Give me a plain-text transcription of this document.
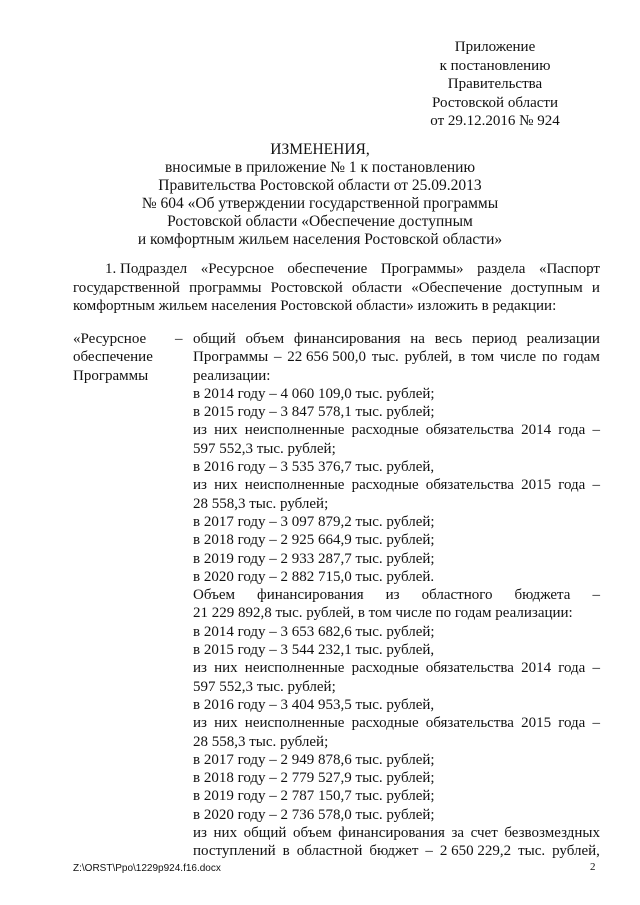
Приложение
к постановлению
Правительства
Ростовской области
от 29.12.2016 № 924
ИЗМЕНЕНИЯ,
вносимые в приложение № 1 к постановлению
Правительства Ростовской области от 25.09.2013
№ 604 «Об утверждении государственной программы
Ростовской области «Обеспечение доступным
и комфортным жильем населения Ростовской области»
1. Подраздел «Ресурсное обеспечение Программы» раздела «Паспорт
государственной программы Ростовской области «Обеспечение доступным и
комфортным жильем населения Ростовской области» изложить в редакции:
«Ресурсное
обеспечение
Программы
– общий объем финансирования на весь период реализации
Программы – 22 656 500,0 тыс. рублей, в том числе по годам
реализации:
в 2014 году – 4 060 109,0 тыс. рублей;
в 2015 году – 3 847 578,1 тыс. рублей;
из них неисполненные расходные обязательства 2014 года –
597 552,3 тыс. рублей;
в 2016 году – 3 535 376,7 тыс. рублей,
из них неисполненные расходные обязательства 2015 года –
28 558,3 тыс. рублей;
в 2017 году – 3 097 879,2 тыс. рублей;
в 2018 году – 2 925 664,9 тыс. рублей;
в 2019 году – 2 933 287,7 тыс. рублей;
в 2020 году – 2 882 715,0 тыс. рублей.
Объем финансирования из областного бюджета –
21 229 892,8 тыс. рублей, в том числе по годам реализации:
в 2014 году – 3 653 682,6 тыс. рублей;
в 2015 году – 3 544 232,1 тыс. рублей,
из них неисполненные расходные обязательства 2014 года –
597 552,3 тыс. рублей;
в 2016 году – 3 404 953,5 тыс. рублей,
из них неисполненные расходные обязательства 2015 года –
28 558,3 тыс. рублей;
в 2017 году – 2 949 878,6 тыс. рублей;
в 2018 году – 2 779 527,9 тыс. рублей;
в 2019 году – 2 787 150,7 тыс. рублей;
в 2020 году – 2 736 578,0 тыс. рублей;
из них общий объем финансирования за счет безвозмездных
поступлений в областной бюджет – 2 650 229,2 тыс. рублей,
Z:\ORST\Ppo\1229p924.f16.docx	2
